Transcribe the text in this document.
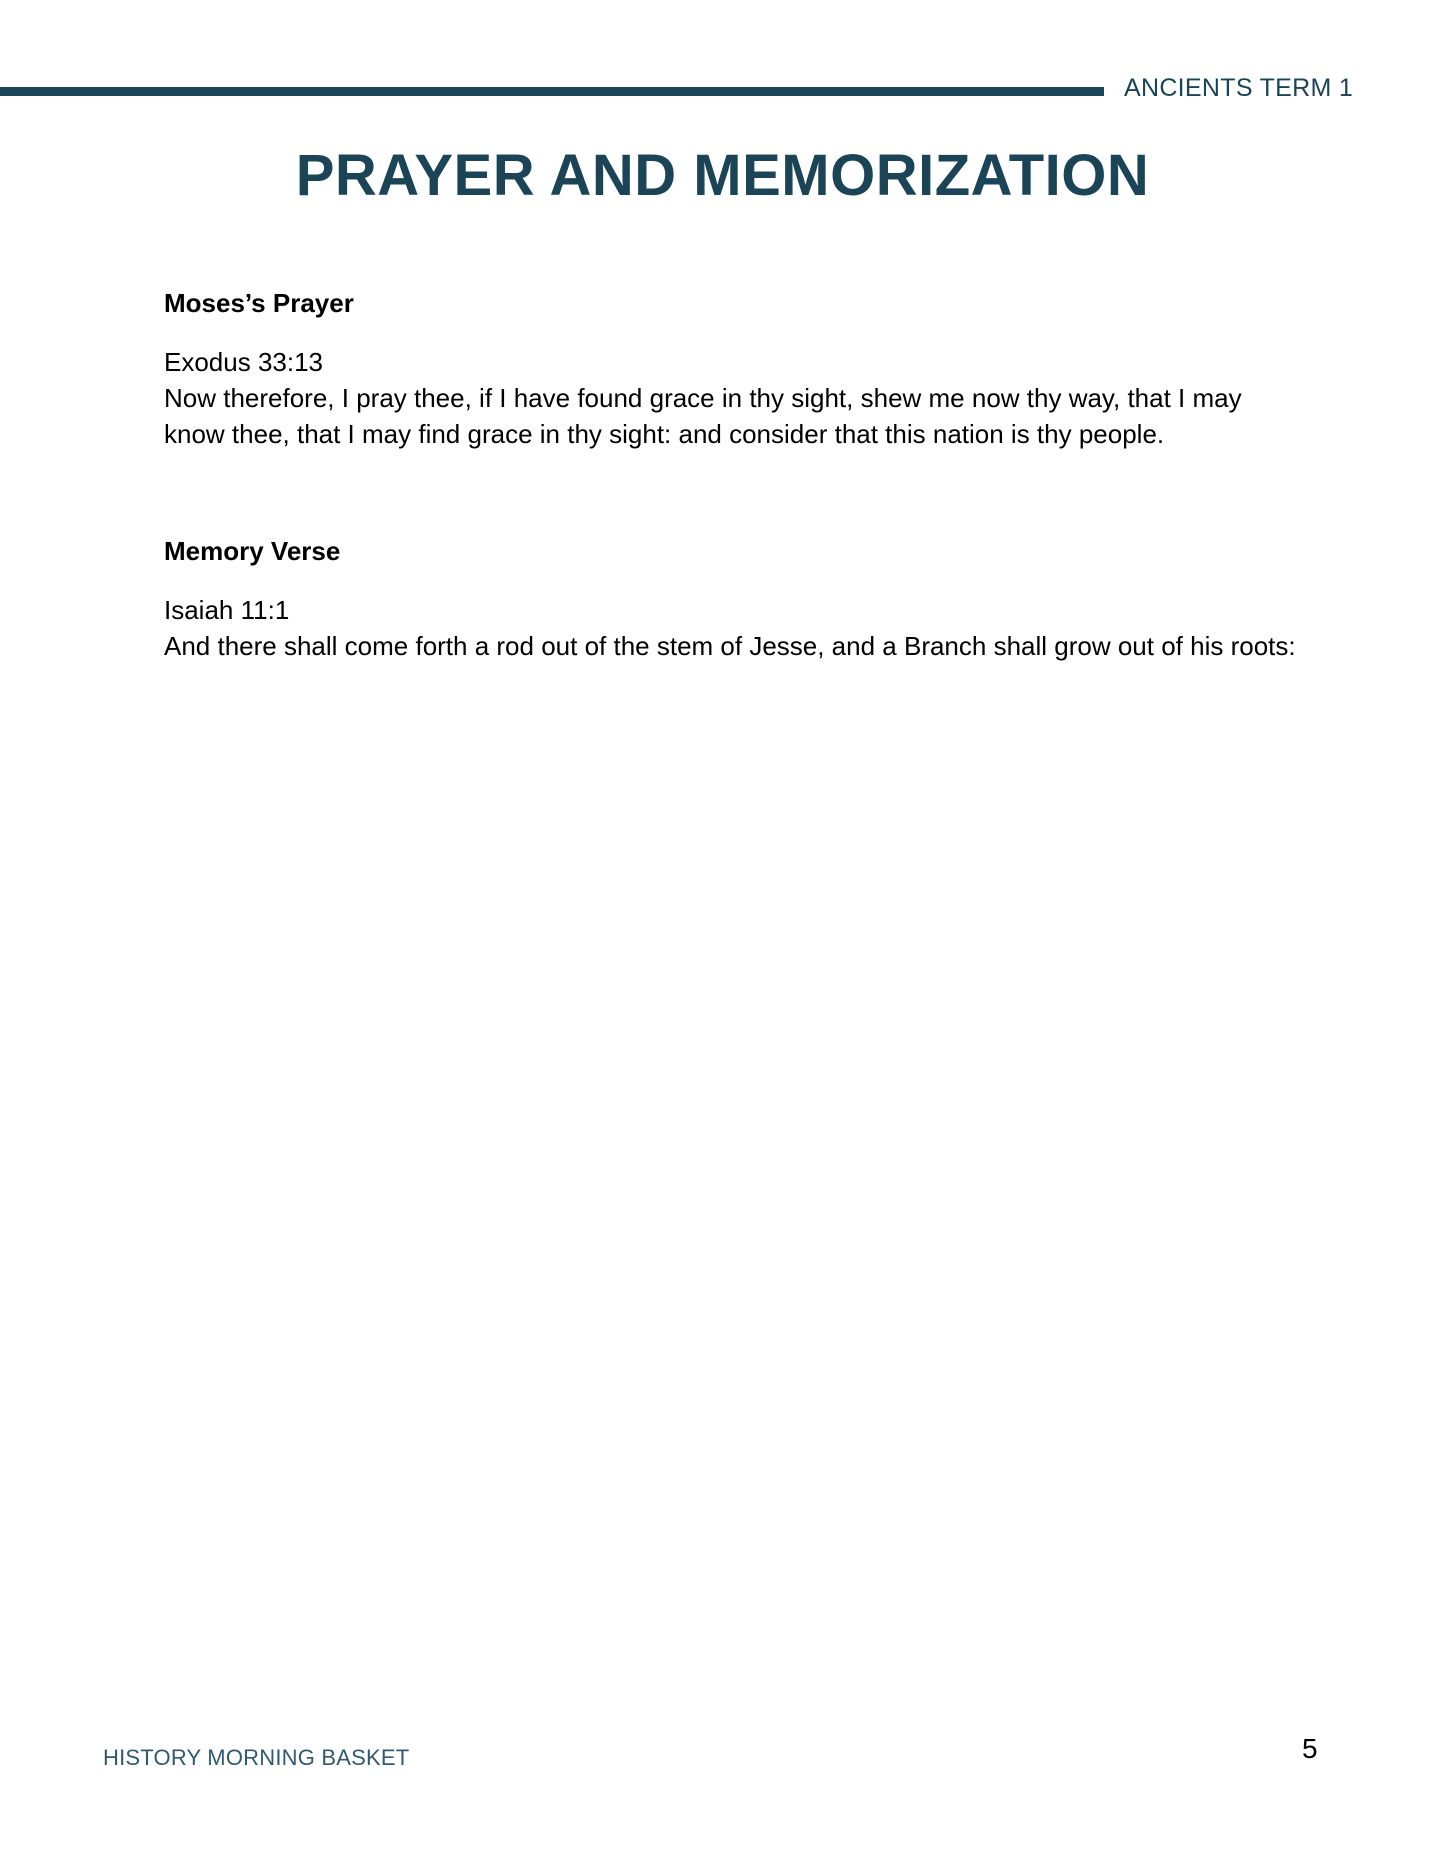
ANCIENTS TERM 1
PRAYER AND MEMORIZATION
Moses’s Prayer

Exodus 33:13

Now therefore, I pray thee, if I have found grace in thy sight, shew me now thy way, that I may know thee, that I may find grace in thy sight: and consider that this nation is thy people.

Memory Verse

Isaiah 11:1

And there shall come forth a rod out of the stem of Jesse, and a Branch shall grow out of his roots:

HISTORY MORNING BASKET	5
